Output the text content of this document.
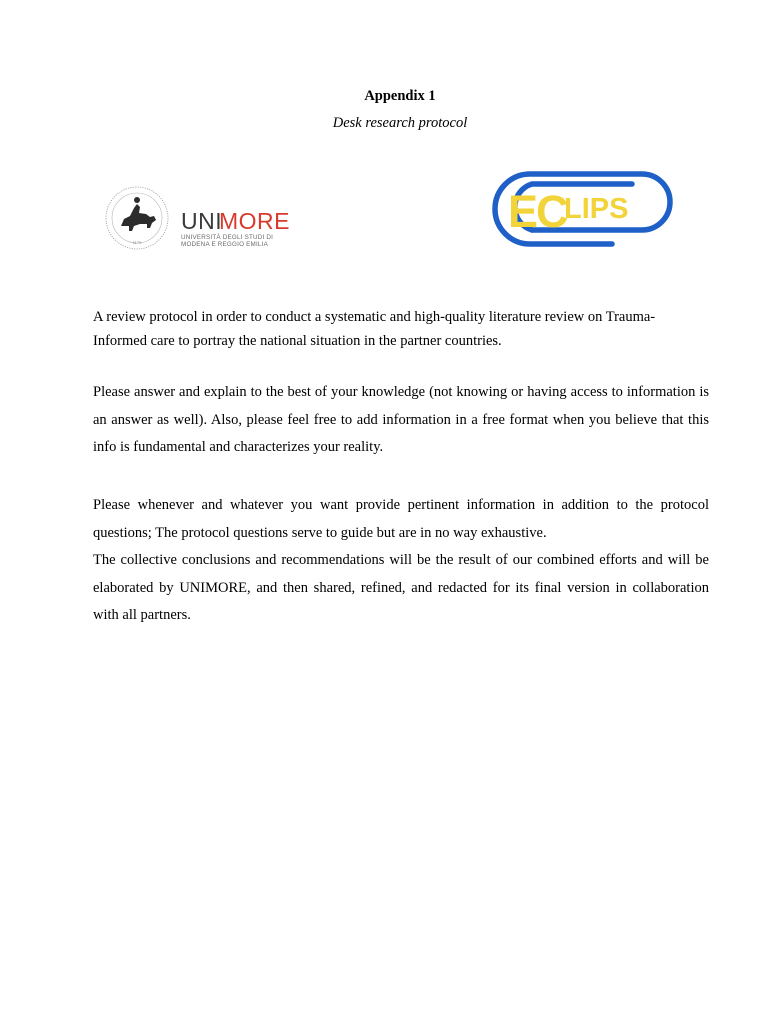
Appendix 1
Desk research protocol
1175
UNI
MORE
UNIVERSITÀ DEGLI STUDI DI
MODENA E REGGIO EMILIA
EC
LIPS

A review protocol in order to conduct a systematic and high-quality literature review on Trauma-Informed care to portray the national situation in the partner countries.

Please answer and explain to the best of your knowledge (not knowing or having access to information is an answer as well). Also, please feel free to add information in a free format when you believe that this info is fundamental and characterizes your reality.

Please whenever and whatever you want provide pertinent information in addition to the protocol questions; The protocol questions serve to guide but are in no way exhaustive.

The collective conclusions and recommendations will be the result of our combined efforts and will be elaborated by UNIMORE, and then shared, refined, and redacted for its final version in collaboration with all partners.
